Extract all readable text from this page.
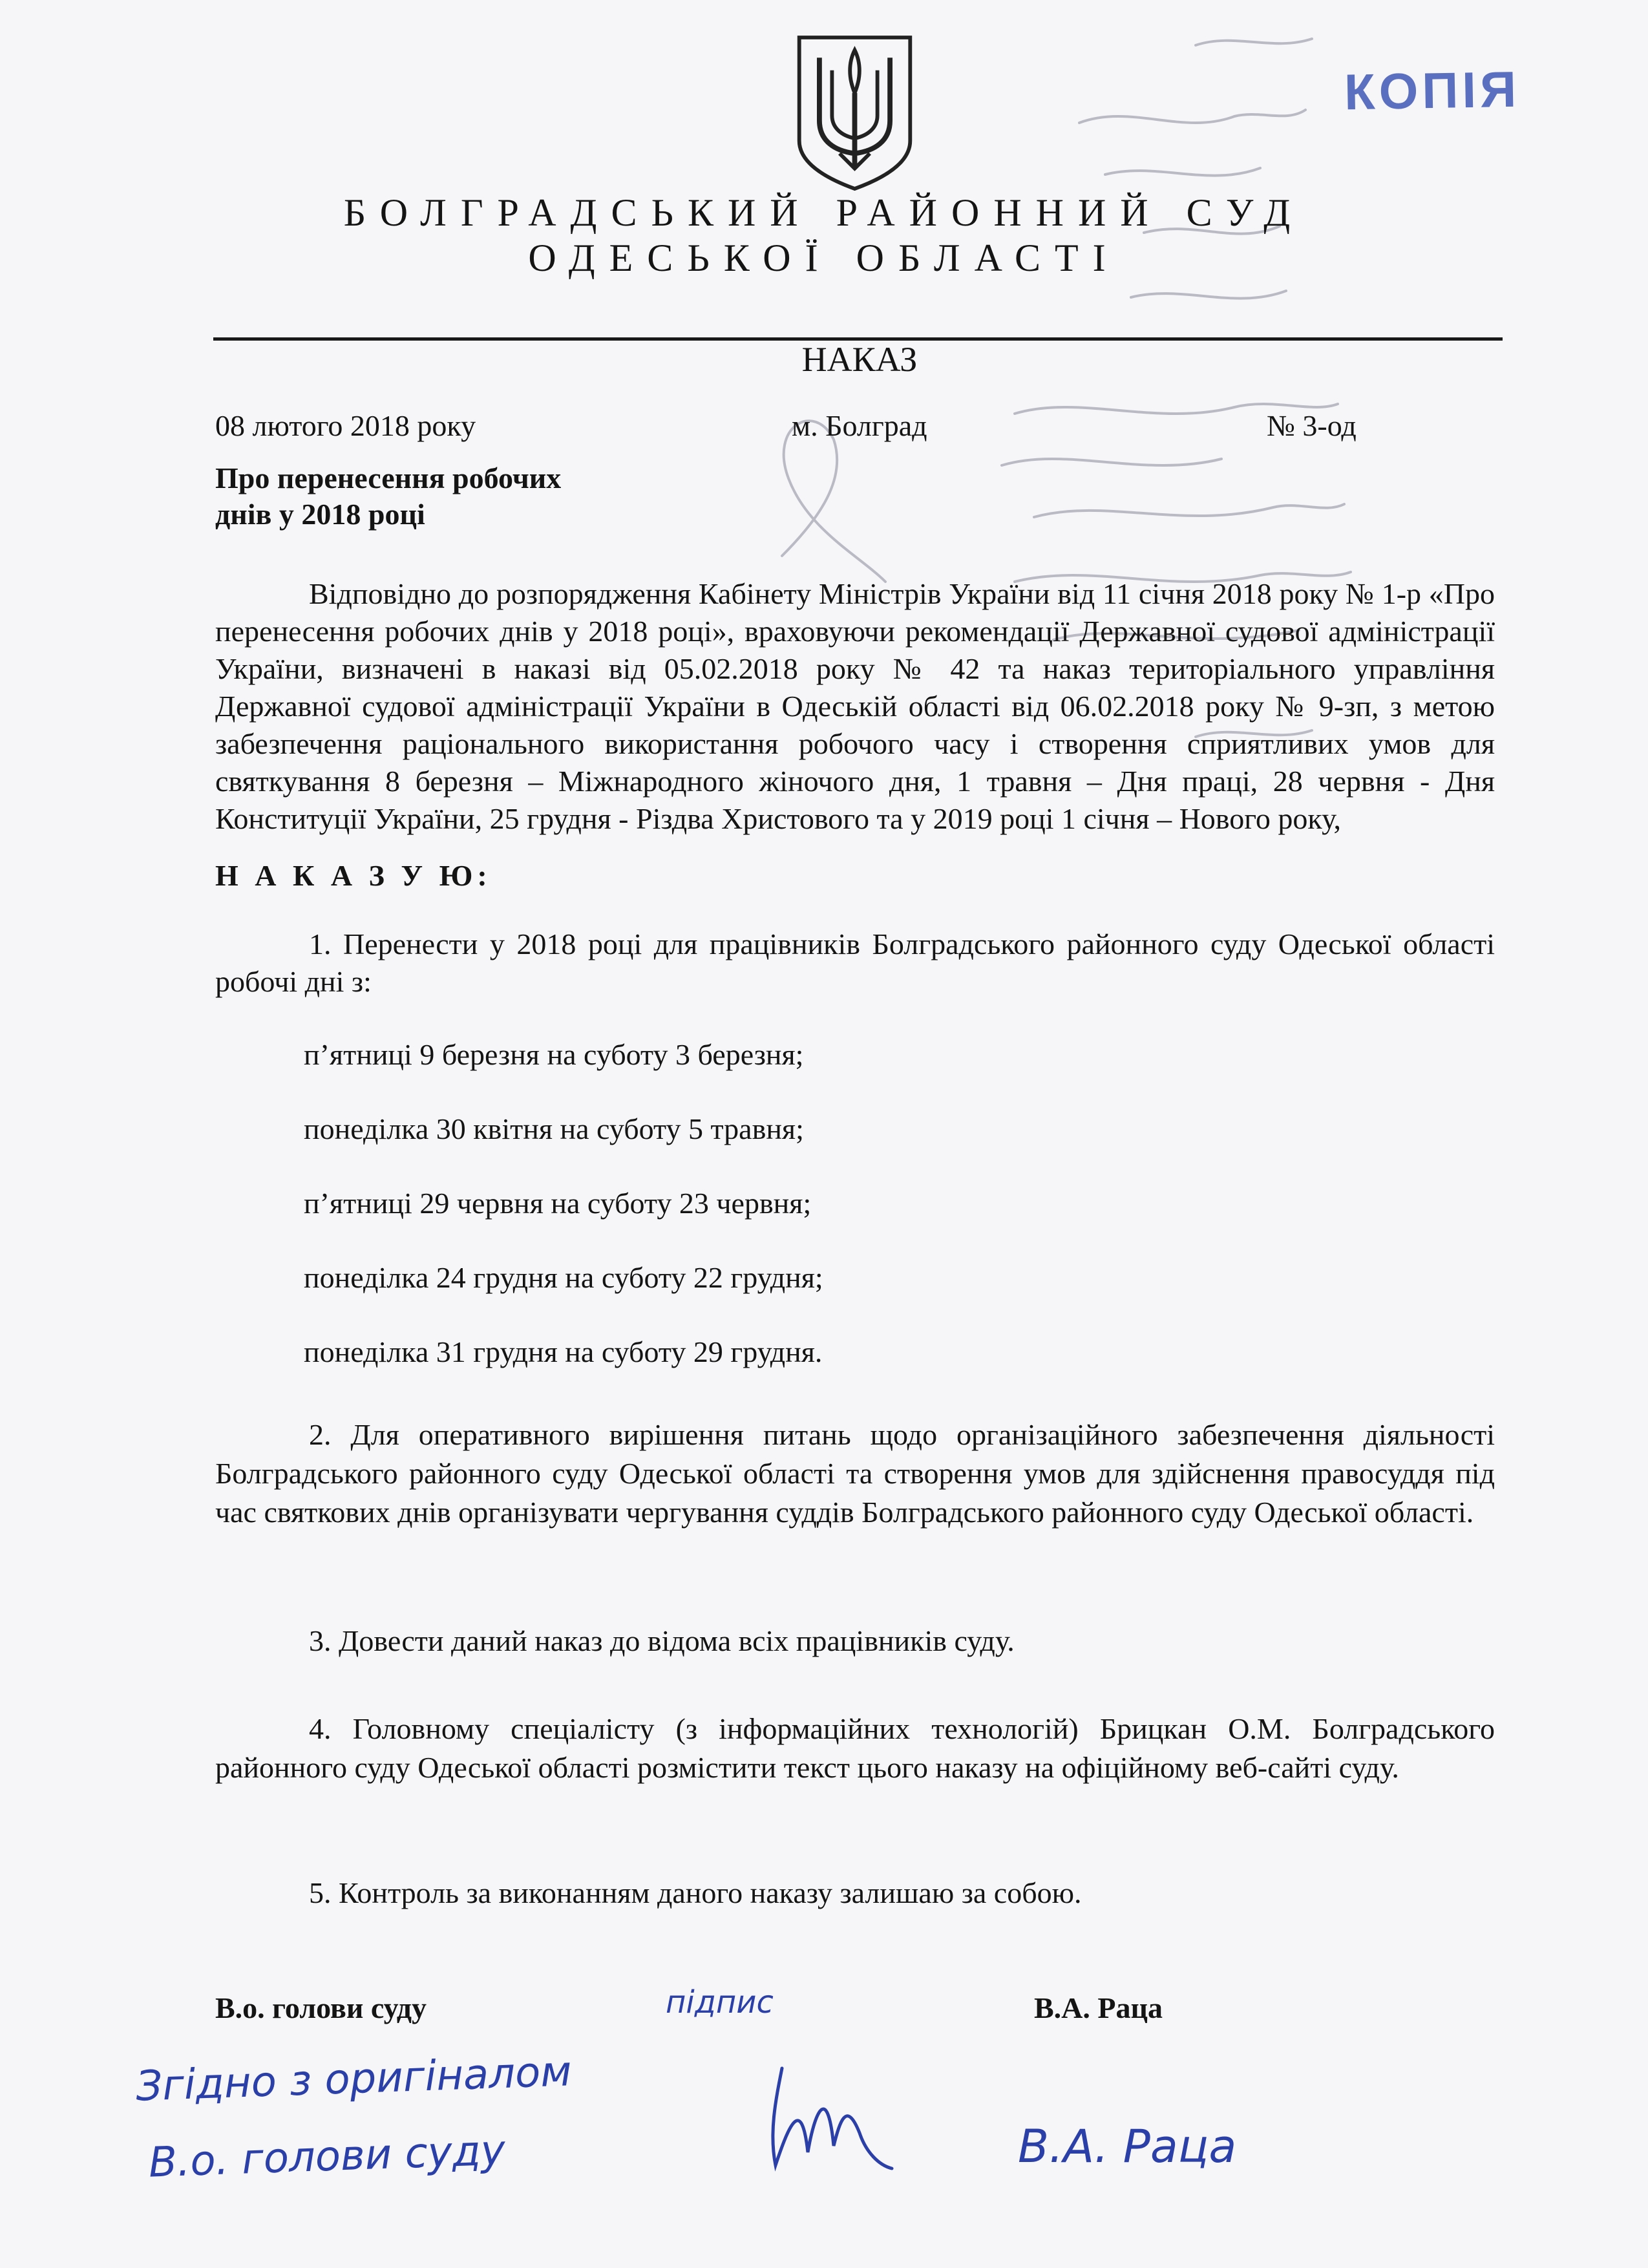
КОПІЯ
БОЛГРАДСЬКИЙ РАЙОННИЙ СУД
ОДЕСЬКОЇ ОБЛАСТІ
НАКАЗ
08 лютого 2018 року	м. Болград	№ 3-од
Про перенесення робочих
днів у 2018 році

Відповідно до розпорядження Кабінету Міністрів України від 11 січня 2018 року № 1-р «Про перенесення робочих днів у 2018 році», враховуючи рекомендації Державної судової адміністрації України, визначені в наказі від 05.02.2018 року № 42 та наказ територіального управління Державної судової адміністрації України в Одеській області від 06.02.2018 року № 9-зп, з метою забезпечення раціонального використання робочого часу і створення сприятливих умов для святкування 8 березня – Міжнародного жіночого дня, 1 травня – Дня праці, 28 червня - Дня Конституції України, 25 грудня - Різдва Христового та у 2019 році 1 січня – Нового року,

Н А К А З У Ю:

1. Перенести у 2018 році для працівників Болградського районного суду Одеської області робочі дні з:

п’ятниці 9 березня на суботу 3 березня;
понеділка 30 квітня на суботу 5 травня;
п’ятниці 29 червня на суботу 23 червня;
понеділка 24 грудня на суботу 22 грудня;
понеділка 31 грудня на суботу 29 грудня.

2. Для оперативного вирішення питань щодо організаційного забезпечення діяльності Болградського районного суду Одеської області та створення умов для здійснення правосуддя під час святкових днів організувати чергування суддів Болградського районного суду Одеської області.

3. Довести даний наказ до відома всіх працівників суду.

4. Головному спеціалісту (з інформаційних технологій) Брицкан О.М. Болградського районного суду Одеської області розмістити текст цього наказу на офіційному веб-сайті суду.

5. Контроль за виконанням даного наказу залишаю за собою.

В.о. голови суду	підпис	В.А. Раца
Згідно з оригіналом
В.о. голови суду	В.А. Раца
